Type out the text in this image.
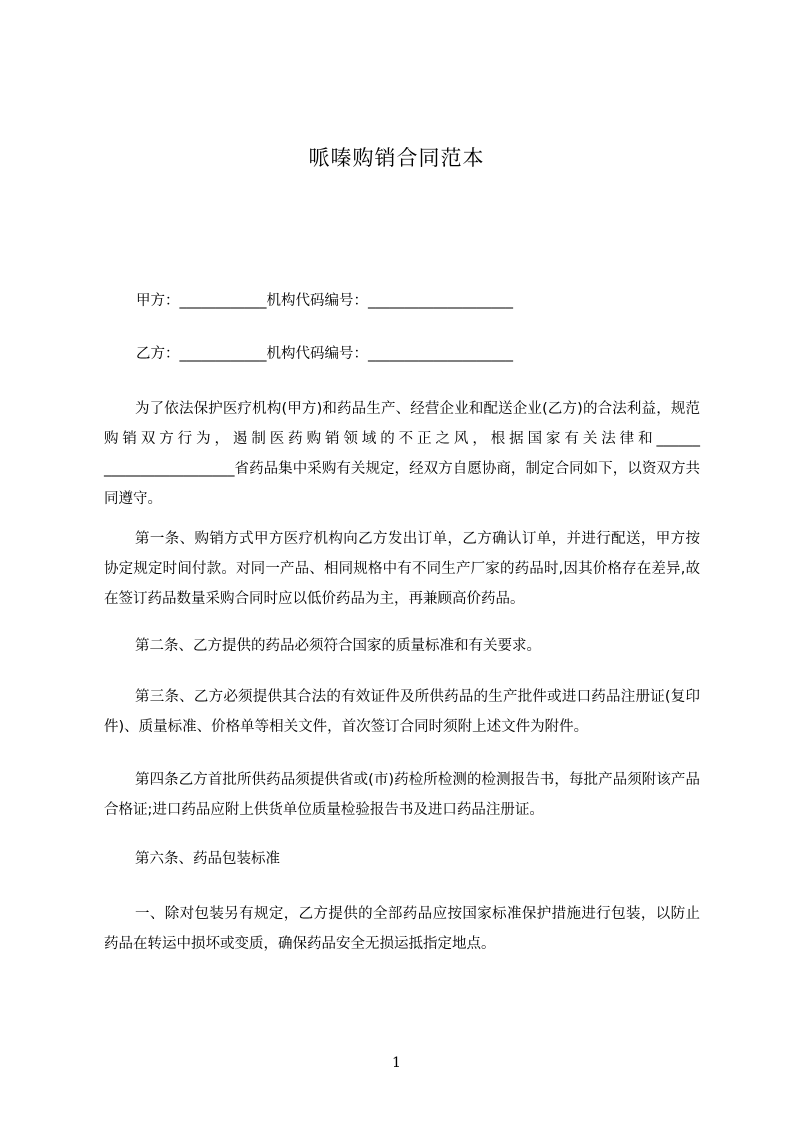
哌嗪购销合同范本
甲方：____________机构代码编号：____________________
乙方：____________机构代码编号：____________________

为了依法保护医疗机构(甲方)和药品生产、经营企业和配送企业(乙方)的合法利益，规范购销双方行为，遏制医药购销领域的不正之风，根据国家有关法律和______ __________________省药品集中采购有关规定，经双方自愿协商，制定合同如下，以资双方共同遵守。

第一条、购销方式甲方医疗机构向乙方发出订单，乙方确认订单，并进行配送，甲方按协定规定时间付款。对同一产品、相同规格中有不同生产厂家的药品时,因其价格存在差异,故在签订药品数量采购合同时应以低价药品为主，再兼顾高价药品。

第二条、乙方提供的药品必须符合国家的质量标准和有关要求。

第三条、乙方必须提供其合法的有效证件及所供药品的生产批件或进口药品注册证(复印件)、质量标准、价格单等相关文件，首次签订合同时须附上述文件为附件。

第四条乙方首批所供药品须提供省或(市)药检所检测的检测报告书，每批产品须附该产品合格证;进口药品应附上供货单位质量检验报告书及进口药品注册证。

第六条、药品包装标准

一、除对包装另有规定，乙方提供的全部药品应按国家标准保护措施进行包装，以防止药品在转运中损坏或变质，确保药品安全无损运抵指定地点。

1
